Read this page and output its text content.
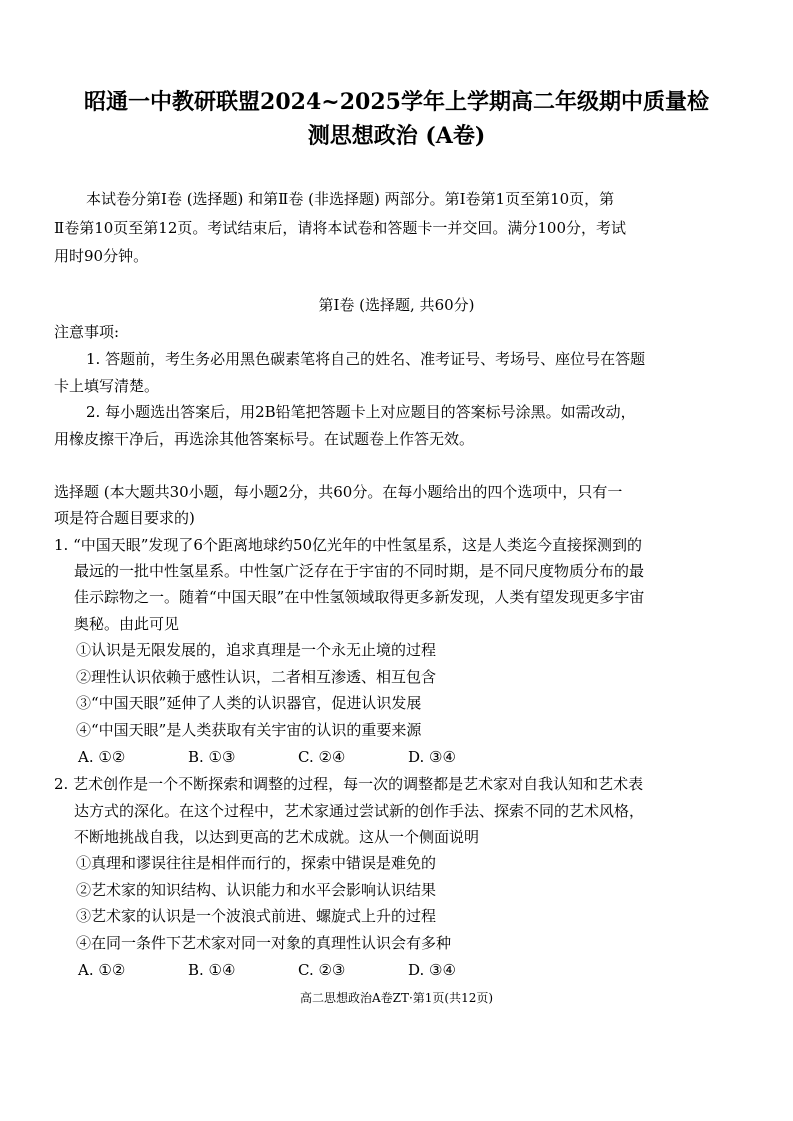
昭通一中教研联盟2024~2025学年上学期高二年级期中质量检
测思想政治 (A卷)
本试卷分第Ⅰ卷 (选择题) 和第Ⅱ卷 (非选择题) 两部分。第Ⅰ卷第1页至第10页，第
Ⅱ卷第10页至第12页。考试结束后，请将本试卷和答题卡一并交回。满分100分，考试
用时90分钟。
第Ⅰ卷 (选择题, 共60分)
注意事项:
1. 答题前，考生务必用黑色碳素笔将自己的姓名、准考证号、考场号、座位号在答题
卡上填写清楚。
2. 每小题选出答案后，用2B铅笔把答题卡上对应题目的答案标号涂黑。如需改动，
用橡皮擦干净后，再选涂其他答案标号。在试题卷上作答无效。
选择题 (本大题共30小题，每小题2分，共60分。在每小题给出的四个选项中，只有一
项是符合题目要求的)
1. “中国天眼”发现了6个距离地球约50亿光年的中性氢星系，这是人类迄今直接探测到的
最远的一批中性氢星系。中性氢广泛存在于宇宙的不同时期，是不同尺度物质分布的最
佳示踪物之一。随着“中国天眼”在中性氢领域取得更多新发现，人类有望发现更多宇宙
奥秘。由此可见
①认识是无限发展的，追求真理是一个永无止境的过程
②理性认识依赖于感性认识，二者相互渗透、相互包含
③“中国天眼”延伸了人类的认识器官，促进认识发展
④“中国天眼”是人类获取有关宇宙的认识的重要来源
A. ①②	B. ①③	C. ②④	D. ③④
2. 艺术创作是一个不断探索和调整的过程，每一次的调整都是艺术家对自我认知和艺术表
达方式的深化。在这个过程中，艺术家通过尝试新的创作手法、探索不同的艺术风格，
不断地挑战自我，以达到更高的艺术成就。这从一个侧面说明
①真理和谬误往往是相伴而行的，探索中错误是难免的
②艺术家的知识结构、认识能力和水平会影响认识结果
③艺术家的认识是一个波浪式前进、螺旋式上升的过程
④在同一条件下艺术家对同一对象的真理性认识会有多种
A. ①②	B. ①④	C. ②③	D. ③④
高二思想政治A卷ZT·第1页(共12页)
